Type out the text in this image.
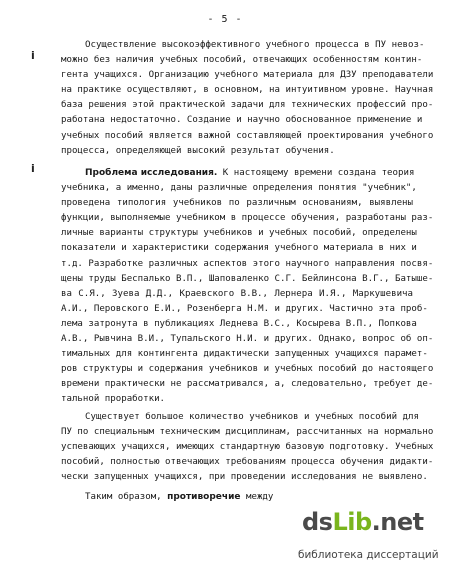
- 5 -
і
і
Осуществление высокоэффективного учебного процесса в ПУ невоз-
можно без наличия учебных пособий, отвечающих особенностям контин-
гента учащихся. Организацию учебного материала для ДЗУ преподаватели
на практике осуществляют, в основном, на интуитивном уровне. Научная
база решения этой практической задачи для технических профессий про-
работана недостаточно. Создание и научно обоснованное применение и
учебных пособий является важной составляющей проектирования учебного
процесса, определяющей высокий результат обучения.
Проблема исследования. К настоящему времени создана теория
учебника, а именно, даны различные определения понятия "учебник",
проведена типология учебников по различным основаниям, выявлены
функции, выполняемые учебником в процессе обучения, разработаны раз-
личные варианты структуры учебников и учебных пособий, определены
показатели и характеристики содержания учебного материала в них и
т.д. Разработке различных аспектов этого научного направления посвя-
щены труды Беспалько В.П., Шаповаленко С.Г. Бейлинсона В.Г., Батыше-
ва С.Я., Зуева Д.Д., Краевского В.В., Лернера И.Я., Маркушевича
А.И., Перовского Е.И., Розенберга Н.М. и других. Частично эта проб-
лема затронута в публикациях Леднева В.С., Косырева В.П., Попкова
А.В., Рывчина В.И., Тупальского Н.И. и других. Однако, вопрос об оп-
тимальных для контингента дидактически запущенных учащихся парамет-
ров структуры и содержания учебников и учебных пособий до настоящего
времени практически не рассматривался, а, следовательно, требует де-
тальной проработки.
Существует большое количество учебников и учебных пособий для
ПУ по специальным техническим дисциплинам, рассчитанных на нормально
успевающих учащихся, имеющих стандартную базовую подготовку. Учебных
пособий, полностью отвечающих требованиям процесса обучения дидакти-
чески запущенных учащихся, при проведении исследования не выявлено.
Таким образом, противоречие между
dsLib.net
библиотека диссертаций
